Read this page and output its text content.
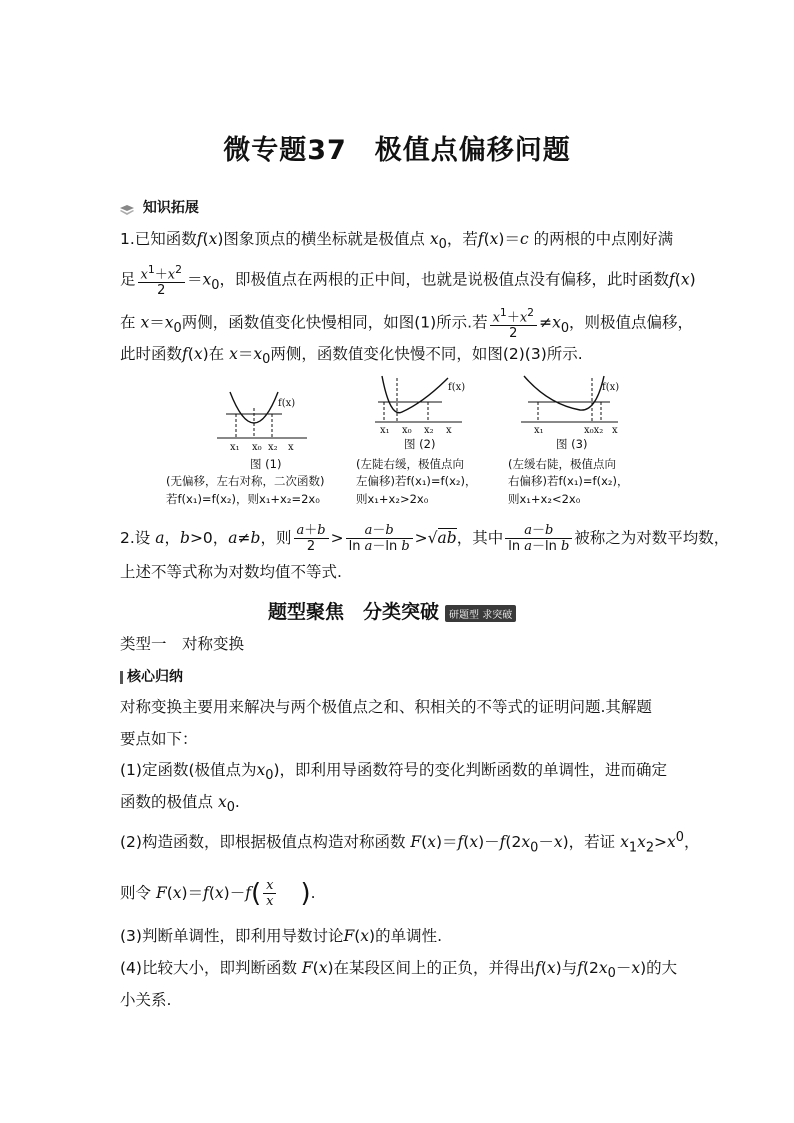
微专题37　极值点偏移问题
知识拓展
1.已知函数f(x)图象顶点的横坐标就是极值点 $x_0$，若f(x)＝c 的两根的中点刚好满
足 $\frac{x^1+x^2}{2} =x_0$，即极值点在两根的正中间，也就是说极值点没有偏移，此时函数f(x)
在 $x=x_0$两侧，函数值变化快慢相同，如图(1)所示.若 $\frac{x^1+x^2}{2} \ne x_0$，则极值点偏移，
此时函数f(x)在 $x=x_0$两侧，函数值变化快慢不同，如图(2)(3)所示.
f(x)
x₁ x₀ x₂ x
图 (1)
(无偏移，左右对称，二次函数)
若f(x₁)=f(x₂)，则x₁+x₂=2x₀
f(x)
x₁ x₀ x₂ x
图 (2)
(左陡右缓，极值点向
左偏移)若f(x₁)=f(x₂)，
则x₁+x₂>2x₀
f(x)
x₁	x₀x₂ x
图 (3)
(左缓右陡，极值点向
右偏移)若f(x₁)=f(x₂)，
则x₁+x₂<2x₀
2.设 a，b>0，a≠b，则 $\frac{a+b}{2} > \frac{a-b}{\text{ln a－ln b}} >√ab$，其中 $\frac{a-b}{\text{ln a－ln b}}$ 被称之为对数平均数，
上述不等式称为对数均值不等式.
题型聚焦　分类突破 研题型 求突破
类型一　对称变换
核心归纳
对称变换主要用来解决与两个极值点之和、积相关的不等式的证明问题.其解题
要点如下：
(1)定函数(极值点为$x_0$)，即利用导函数符号的变化判断函数的单调性，进而确定
函数的极值点 $x_0$.
(2)构造函数，即根据极值点构造对称函数 $F(x)=f(x)-f(2x_0-x)$，若证 $x_1x_2>x^0$，
则令 $F(x)=f(x)-f( \frac{x}{x}$ ).
(3)判断单调性，即利用导数讨论F(x)的单调性.
(4)比较大小，即判断函数 F(x)在某段区间上的正负，并得出f(x)与$f(2x_0-x)$的大
小关系.
